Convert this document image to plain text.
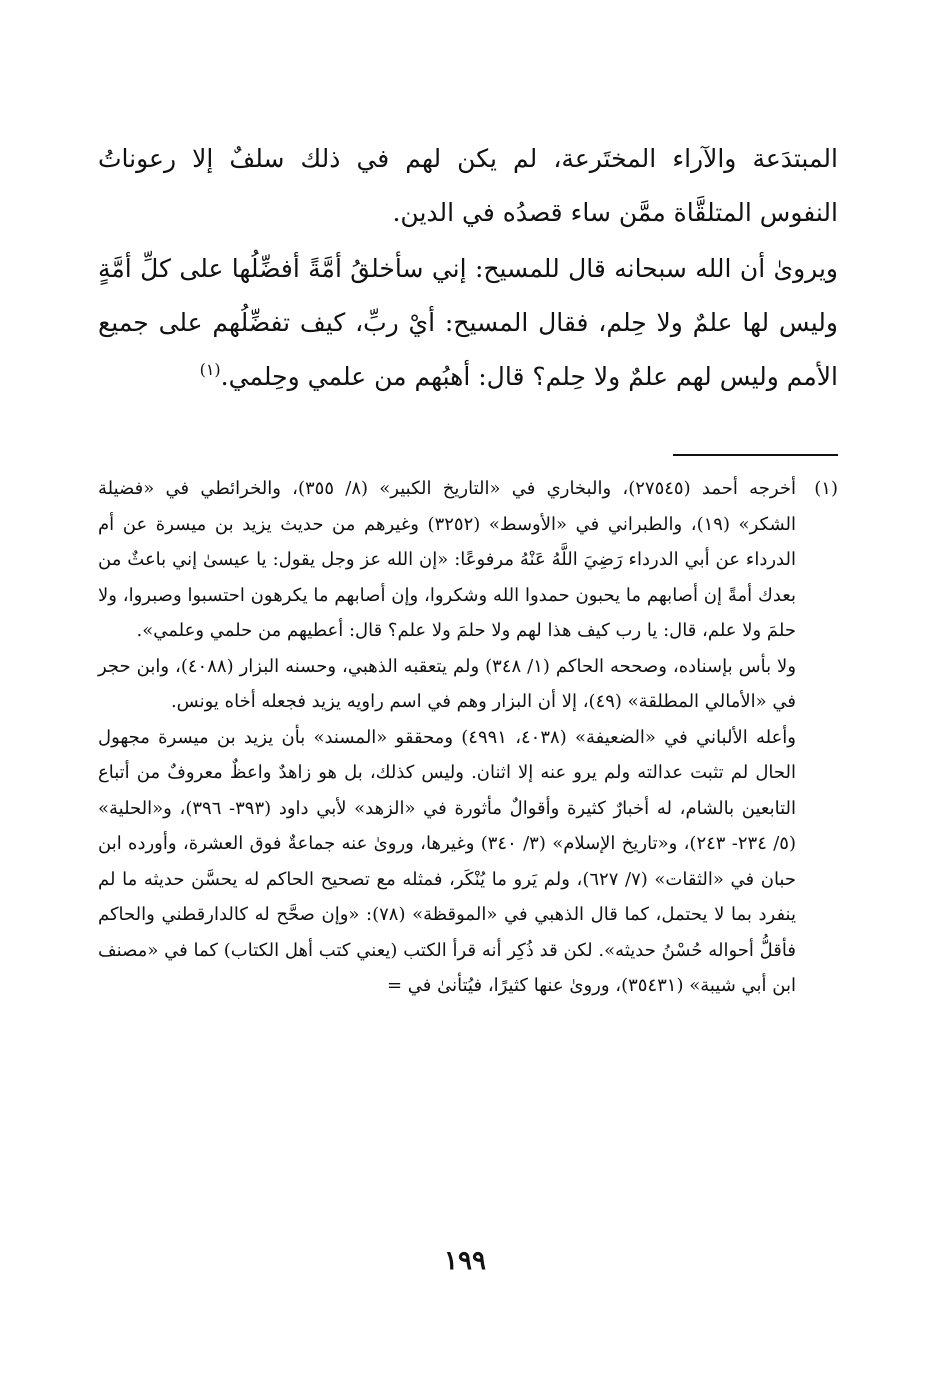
المبتدَعة والآراء المختَرعة، لم يكن لهم في ذلك سلفٌ إلا رعوناتُ النفوس المتلقَّاة ممَّن ساء قصدُه في الدين.

ويروىٰ أن الله سبحانه قال للمسيح: إني سأخلقُ أمَّةً أفضِّلُها على كلِّ أمَّةٍ وليس لها علمٌ ولا حِلم، فقال المسيح: أيْ ربِّ، كيف تفضِّلُهم على جميع الأمم وليس لهم علمٌ ولا حِلم؟ قال: أهبُهم من علمي وحِلمي.$^{(١)}$

(١)
أخرجه أحمد (٢٧٥٤٥)، والبخاري في «التاريخ الكبير» (٨/ ٣٥٥)، والخرائطي في «فضيلة الشكر» (١٩)، والطبراني في «الأوسط» (٣٢٥٢) وغيرهم من حديث يزيد بن ميسرة عن أم الدرداء عن أبي الدرداء رَضِيَ اللَّهُ عَنْهُ مرفوعًا: «إن الله عز وجل يقول: يا عيسىٰ إني باعثٌ من بعدك أمةً إن أصابهم ما يحبون حمدوا الله وشكروا، وإن أصابهم ما يكرهون احتسبوا وصبروا، ولا حلمَ ولا علم، قال: يا رب كيف هذا لهم ولا حلمَ ولا علم؟ قال: أعطيهم من حلمي وعلمي».

ولا بأس بإسناده، وصححه الحاكم (١/ ٣٤٨) ولم يتعقبه الذهبي، وحسنه البزار (٤٠٨٨)، وابن حجر في «الأمالي المطلقة» (٤٩)، إلا أن البزار وهم في اسم راويه يزيد فجعله أخاه يونس.

وأعله الألباني في «الضعيفة» (٤٠٣٨، ٤٩٩١) ومحققو «المسند» بأن يزيد بن ميسرة مجهول الحال لم تثبت عدالته ولم يرو عنه إلا اثنان. وليس كذلك، بل هو زاهدٌ واعظٌ معروفٌ من أتباع التابعين بالشام، له أخبارٌ كثيرة وأقوالٌ مأثورة في «الزهد» لأبي داود (٣٩٣- ٣٩٦)، و«الحلية» (٥/ ٢٣٤- ٢٤٣)، و«تاريخ الإسلام» (٣/ ٣٤٠) وغيرها، وروىٰ عنه جماعةٌ فوق العشرة، وأورده ابن حبان في «الثقات» (٧/ ٦٢٧)، ولم يَرو ما يُنْكَر، فمثله مع تصحيح الحاكم له يحسَّن حديثه ما لم ينفرد بما لا يحتمل، كما قال الذهبي في «الموقظة» (٧٨): «وإن صحَّح له كالدارقطني والحاكم فأقلُّ أحواله حُسْنُ حديثه». لكن قد ذُكِر أنه قرأ الكتب (يعني كتب أهل الكتاب) كما في «مصنف ابن أبي شيبة» (٣٥٤٣١)، وروىٰ عنها كثيرًا، فيُتأنىٰ في =

١٩٩
